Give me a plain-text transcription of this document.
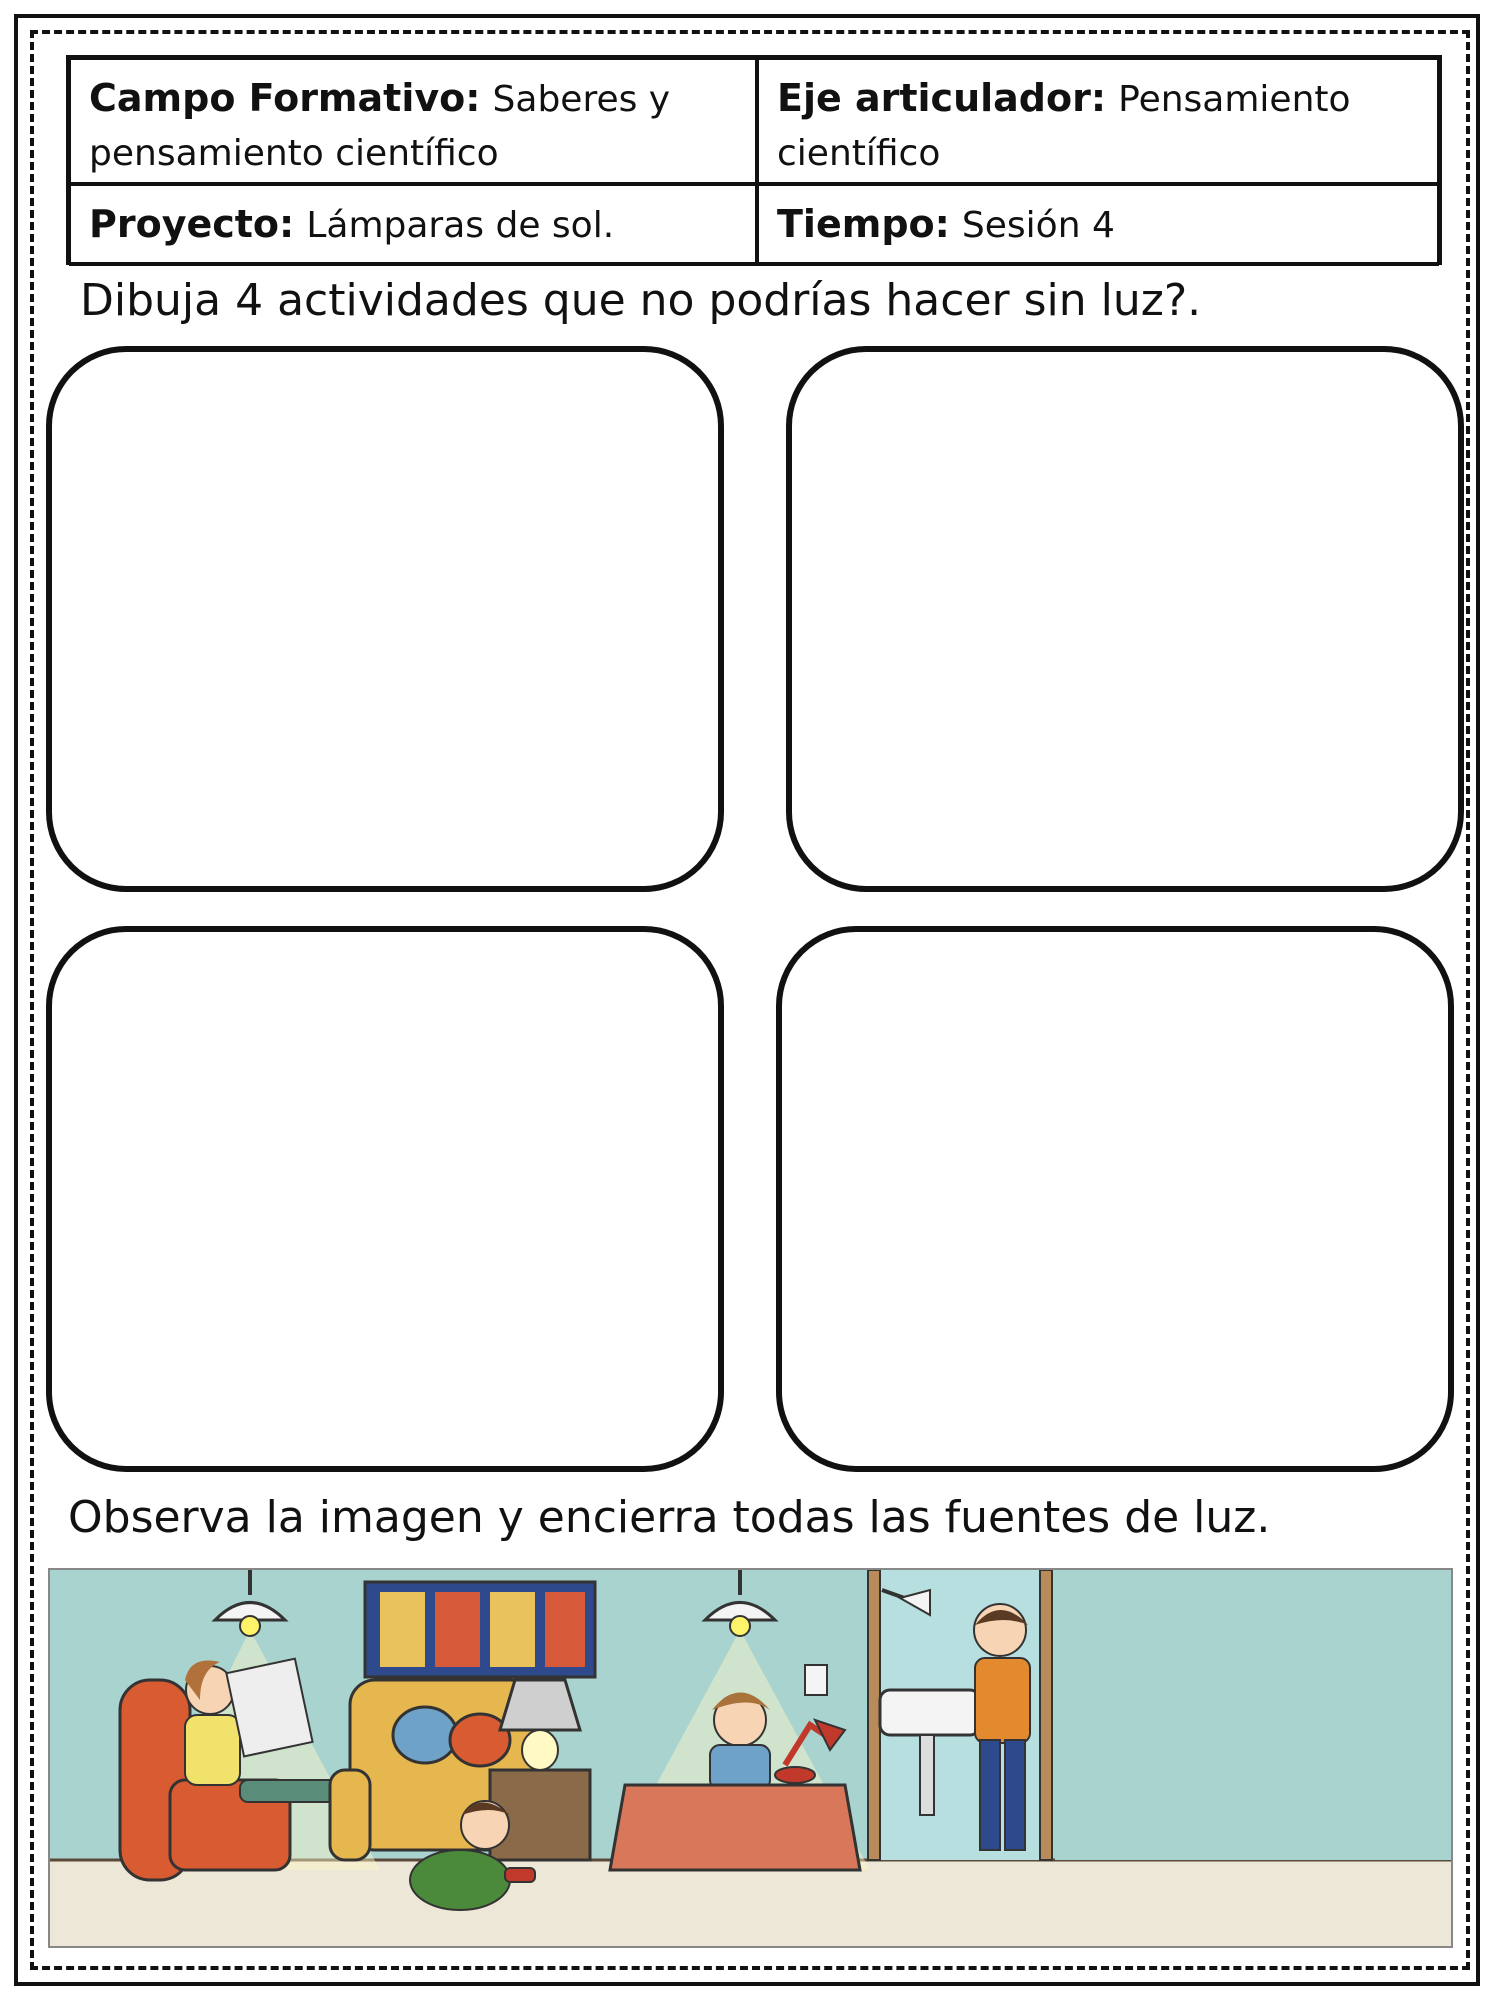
Campo Formativo: Saberes y pensamiento científico
Eje articulador: Pensamiento científico
Proyecto: Lámparas de sol.	Tiempo: Sesión 4
Dibuja 4 actividades que no podrías hacer sin luz?.
Observa la imagen y encierra todas las fuentes de luz.
